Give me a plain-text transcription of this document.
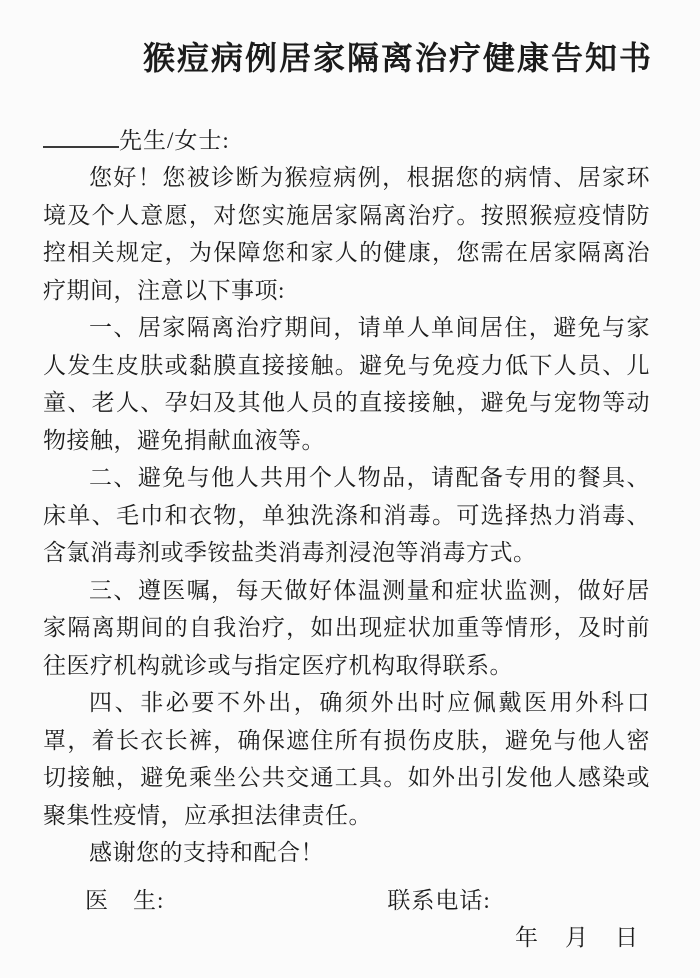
猴痘病例居家隔离治疗健康告知书
先生/女士:

您好！您被诊断为猴痘病例，根据您的病情、居家环境及个人意愿，对您实施居家隔离治疗。按照猴痘疫情防控相关规定，为保障您和家人的健康，您需在居家隔离治疗期间，注意以下事项:

一、居家隔离治疗期间，请单人单间居住，避免与家人发生皮肤或黏膜直接接触。避免与免疫力低下人员、儿童、老人、孕妇及其他人员的直接接触，避免与宠物等动物接触，避免捐献血液等。

二、避免与他人共用个人物品，请配备专用的餐具、床单、毛巾和衣物，单独洗涤和消毒。可选择热力消毒、含氯消毒剂或季铵盐类消毒剂浸泡等消毒方式。

三、遵医嘱，每天做好体温测量和症状监测，做好居家隔离期间的自我治疗，如出现症状加重等情形，及时前往医疗机构就诊或与指定医疗机构取得联系。

四、非必要不外出，确须外出时应佩戴医用外科口罩，着长衣长裤，确保遮住所有损伤皮肤，避免与他人密切接触，避免乘坐公共交通工具。如外出引发他人感染或聚集性疫情，应承担法律责任。

感谢您的支持和配合！

医　生:	联系电话:
年 月 日
